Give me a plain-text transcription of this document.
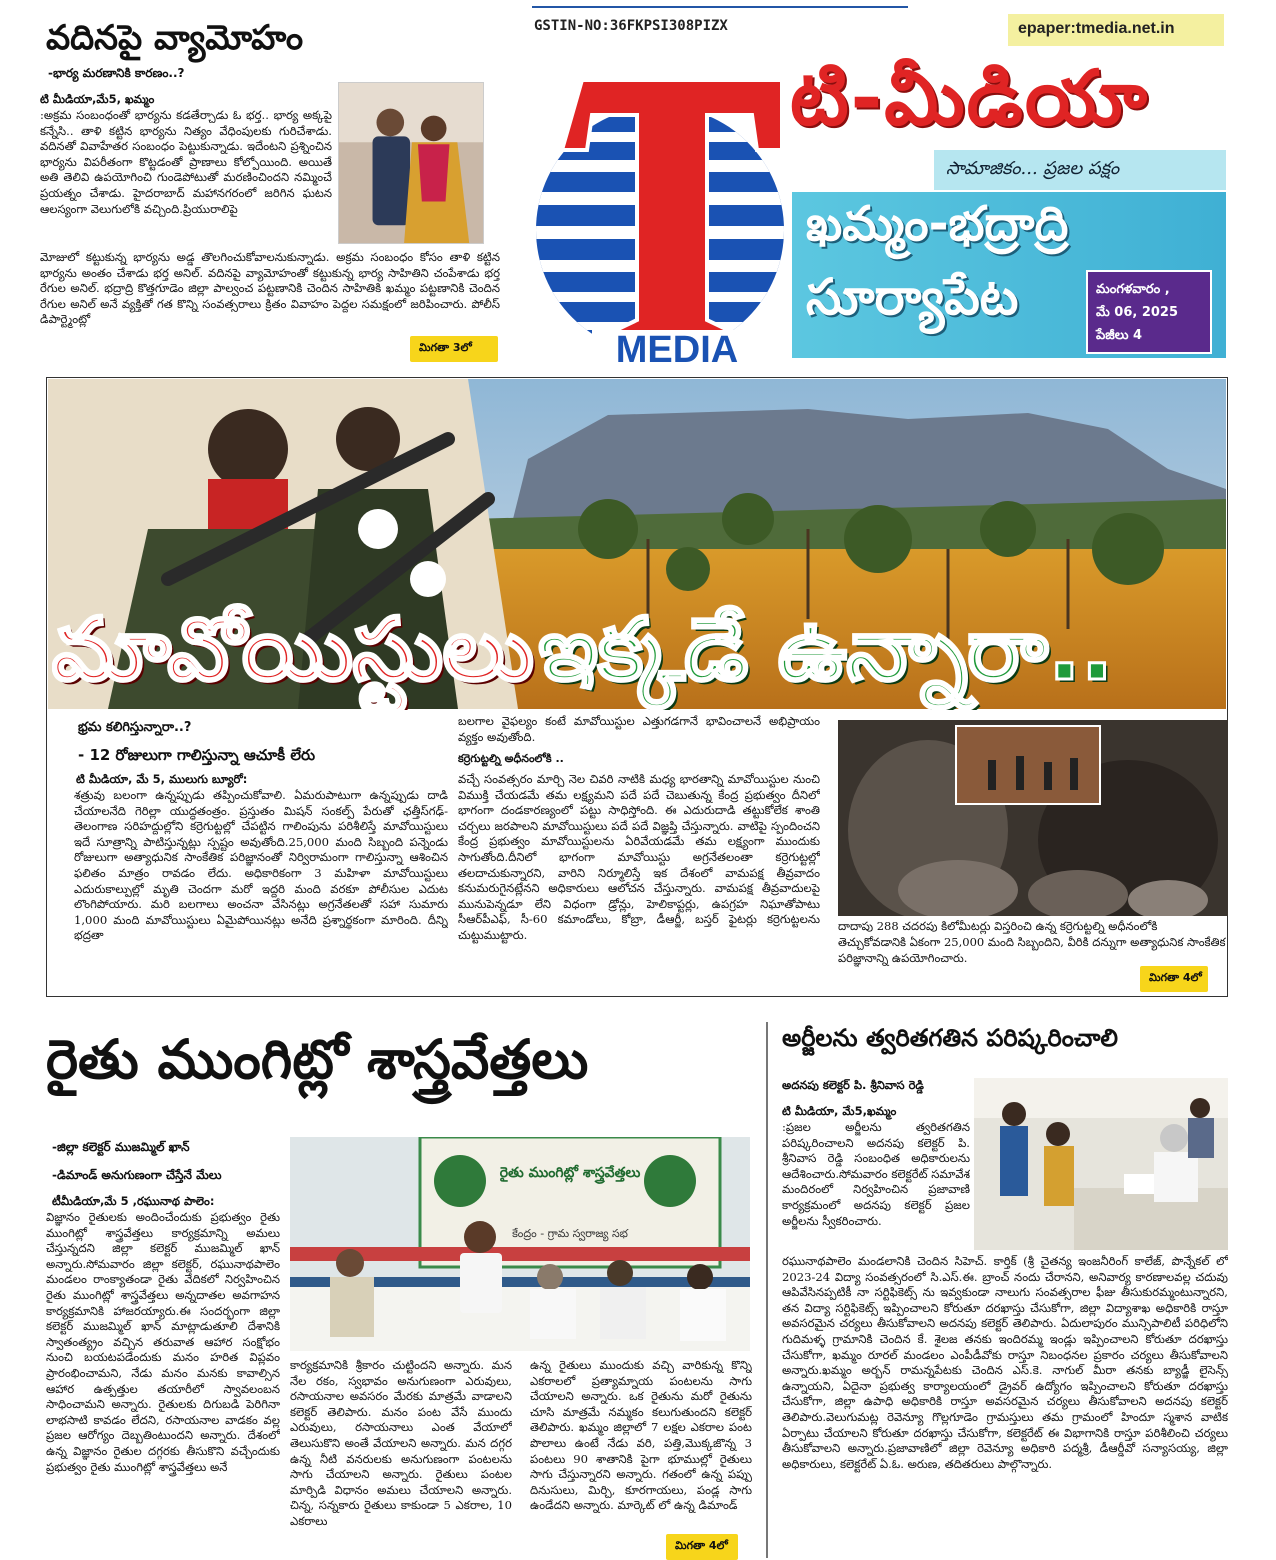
GSTIN-NO:36FKPSI308PIZX	epaper:tmedia.net.in
MEDIA
టి-మీడియా
సామాజికం... ప్రజల పక్షం
ఖమ్మం-భద్రాద్రి
సూర్యాపేట	మంగళవారం ,
మే 06, 2025
పేజీలు 4
వదినపై వ్యామోహం
-భార్య మరణానికి కారణం..?
టి మీడియా,మే5, ఖమ్మం
:అక్రమ సంబంధంతో భార్యను కడతేర్చాడు ఓ భర్త.. భార్య అక్కపై కన్నేసి.. తాళి కట్టిన భార్యను నిత్యం వేధింపులకు గురిచేశాడు. వదినతో వివాహేతర సంబంధం పెట్టుకున్నాడు. ఇదేంటని ప్రశ్నించిన భార్యను విపరీతంగా కొట్టడంతో ప్రాణాలు కోల్పోయింది. అయితే అతి తెలివి ఉపయోగించి గుండెపోటుతో మరణించిందని నమ్మించే ప్రయత్నం చేశాడు. హైదరాబాద్ మహానగరంలో జరిగిన ఘటన ఆలస్యంగా వెలుగులోకి వచ్చింది.ప్రియురాలిపై
మోజులో కట్టుకున్న భార్యను అడ్డ తొలగించుకోవాలనుకున్నాడు. అక్రమ సంబంధం కోసం తాళి కట్టిన భార్యను అంతం చేశాడు భర్త అనిల్. వదినపై వ్యామోహంతో కట్టుకున్న భార్య సాహితిని చంపేశాడు భర్త రేగుల అనిల్. భద్రాద్రి కొత్తగూడెం జిల్లా పాల్వంచ పట్టణానికి చెందిన సాహితికి ఖమ్మం పట్టణానికి చెందిన రేగుల అనిల్ అనే వ్యక్తితో గత కొన్ని సంవత్సరాలు క్రితం వివాహం పెద్దల సమక్షంలో జరిపించారు. పోలీస్ డిపార్ట్మెంట్లో
మిగతా 3లో
మావోయిస్టులు ఇక్కడే ఉన్నారా..
భ్రమ కలిగిస్తున్నారా..?
- 12 రోజులుగా గాలిస్తున్నా ఆచూకీ లేరు
టి మీడియా, మే 5, ములుగు బ్యూరో:
శత్రువు బలంగా ఉన్నప్పుడు తప్పించుకోవాలి. ఏమరుపాటుగా ఉన్నప్పుడు దాడి చేయాలనేది గెరిల్లా యుద్ధతంత్రం. ప్రస్తుతం మిషన్ సంకల్ప్ పేరుతో ఛత్తీస్‌గఢ్-తెలంగాణ సరిహద్దుల్లోని కర్రెగుట్టల్లో చేపట్టిన గాలింపును పరిశీలిస్తే మావోయిస్టులు ఇదే సూత్రాన్ని పాటిస్తున్నట్లు స్పష్టం అవుతోంది.25,000 మంది సిబ్బంది పన్నెండు రోజులుగా అత్యాధునిక సాంకేతిక పరిజ్ఞానంతో నిర్విరామంగా గాలిస్తున్నా ఆశించిన ఫలితం మాత్రం రావడం లేదు. అధికారికంగా 3 మహిళా మావోయిస్టులు ఎదురుకాల్పుల్లో మృతి చెందగా మరో ఇద్దరి మంది వరకూ పోలీసుల ఎదుట లొంగిపోయారు. మరి బలగాలు అంచనా వేసినట్లు అగ్రనేతలతో సహా సుమారు 1,000 మంది మావోయిస్టులు ఏమైపోయినట్లు అనేది ప్రశ్నార్థకంగా మారింది. దీన్ని భద్రతా
బలగాల వైఫల్యం కంటే మావోయిస్టుల ఎత్తుగడగానే భావించాలనే అభిప్రాయం వ్యక్తం అవుతోంది.
కర్రెగుట్టల్ని అధీనంలోకి ..
వచ్చే సంవత్సరం మార్చి నెల చివరి నాటికి మధ్య భారతాన్ని మావోయిస్టుల నుంచి విముక్తి చేయడమే తమ లక్ష్యమని పదే పదే చెబుతున్న కేంద్ర ప్రభుత్వం దీనిలో భాగంగా దండకారణ్యంలో పట్టు సాధిస్తోంది. ఈ ఎదురుదాడి తట్టుకోలేక శాంతి చర్చలు జరపాలని మావోయిస్టులు పదే పదే విజ్ఞప్తి చేస్తున్నారు. వాటిపై స్పందించని కేంద్ర ప్రభుత్వం మావోయిస్టులను ఏరివేయడమే తమ లక్ష్యంగా ముందుకు సాగుతోంది.దీనిలో భాగంగా మావోయిస్టు అగ్రనేతలంతా కర్రెగుట్టల్లో తలదాచుకున్నారని, వారిని నిర్మూలిస్తే ఇక దేశంలో వామపక్ష తీవ్రవాదం కనుమరుగైనట్లేనని అధికారులు ఆలోచన చేస్తున్నారు. వామపక్ష తీవ్రవాదులపై మునుపెన్నడూ లేని విధంగా డ్రోన్లు, హెలికాప్టర్లు, ఉపగ్రహ నిఘాతోపాటు సీఆర్‌పీఎఫ్, సీ-60 కమాండోలు, కోబ్రా, డీఆర్జీ, బస్తర్ ఫైటర్లు కర్రెగుట్టలను చుట్టుముట్టారు.
దాదాపు 288 చదరపు కిలోమీటర్లు విస్తరించి ఉన్న కర్రెగుట్టల్ని అధీనంలోకి తెచ్చుకోవడానికి ఏకంగా 25,000 మంది సిబ్బందిని, వీరికి దన్నుగా అత్యాధునిక సాంకేతిక పరిజ్ఞానాన్ని ఉపయోగించారు.
మిగతా 4లో
రైతు ముంగిట్లో శాస్త్రవేత్తలు
-జిల్లా కలెక్టర్ ముజమ్మిల్ ఖాన్
-డిమాండ్ అనుగుణంగా చేస్తేనే మేలు
టీమీడియా,మే 5 ,రఘునాథ పాలెం:
విజ్ఞానం రైతులకు అందించేందుకు ప్రభుత్వం రైతు ముంగిట్లో శాస్త్రవేత్తలు కార్యక్రమాన్ని అమలు చేస్తున్నదని జిల్లా కలెక్టర్ ముజమ్మిల్ ఖాన్ అన్నారు.సోమవారం జిల్లా కలెక్టర్, రఘునాథపాలెం మండలం రాంక్యాతండా రైతు వేదికలో నిర్వహించిన రైతు ముంగిట్లో శాస్త్రవేత్తలు అన్నదాతల అవగాహన కార్యక్రమానికి హాజరయ్యారు.ఈ సందర్భంగా జిల్లా కలెక్టర్ ముజమ్మిల్ ఖాన్ మాట్లాడుతూలి దేశానికి స్వాతంత్య్రం వచ్చిన తరువాత ఆహార సంక్షోభం నుంచి బయటపడేందుకు మనం హరిత విప్లవం ప్రారంభించామని, నేడు మనం మనకు కావాల్సిన ఆహార ఉత్పత్తుల తయారీలో స్వావలంబన సాధించామని అన్నారు. రైతులకు దిగుబడి పెరిగినా లాభసాటి కావడం లేదని, రసాయనాల వాడకం వల్ల ప్రజల ఆరోగ్యం దెబ్బతింటుందని అన్నారు. దేశంలో ఉన్న విజ్ఞానం రైతుల దగ్గరకు తీసుకొని వచ్చేందుకు ప్రభుత్వం రైతు ముంగిట్లో శాస్త్రవేత్తలు అనే
రైతు ముంగిట్లో శాస్త్రవేత్తలు
కేంద్రం - గ్రామ స్వరాజ్య సభ
కార్యక్రమానికి శ్రీకారం చుట్టిందని అన్నారు. మన నేల రకం, స్వభావం అనుగుణంగా ఎరువులు, రసాయనాల అవసరం మేరకు మాత్రమే వాడాలని కలెక్టర్ తెలిపారు. మనం పంట వేసే ముందు ఎరువులు, రసాయనాలు ఎంత వేయాలో తెలుసుకొని అంతే వేయాలని అన్నారు. మన దగ్గర ఉన్న నీటి వనరులకు అనుగుణంగా పంటలను సాగు చేయాలని అన్నారు. రైతులు పంటల మార్పిడి విధానం అమలు చేయాలని అన్నారు. చిన్న, సన్నకారు రైతులు కాకుండా 5 ఎకరాల, 10 ఎకరాలు
ఉన్న రైతులు ముందుకు వచ్చి వారికున్న కొన్ని ఎకరాలలో ప్రత్యామ్నాయ పంటలను సాగు చేయాలని అన్నారు. ఒక రైతును మరో రైతును చూసి మాత్రమే నమ్మకం కలుగుతుందని కలెక్టర్ తెలిపారు. ఖమ్మం జిల్లాలో 7 లక్షల ఎకరాల పంట పొలాలు ఉంటే నేడు వరి, పత్తి,మొక్కజొన్న 3 పంటలు 90 శాతానికి పైగా భూముల్లో రైతులు సాగు చేస్తున్నారని అన్నారు. గతంలో ఉన్న పప్పు దినుసులు, మిర్చి, కూరగాయలు, పండ్ల సాగు ఉండేదని అన్నారు. మార్కెట్ లో ఉన్న డిమాండ్
మిగతా 4లో
అర్జీలను త్వరితగతిన పరిష్కరించాలి
అదనపు కలెక్టర్ పి. శ్రీనివాస రెడ్డి
టి మీడియా, మే5,ఖమ్మం
:ప్రజల అర్జీలను త్వరితగతిన పరిష్కరించాలని అదనపు కలెక్టర్ పి. శ్రీనివాస రెడ్డి సంబంధిత అధికారులను ఆదేశించారు.సోమవారం కలెక్టరేట్ సమావేశ మందిరంలో నిర్వహించిన ప్రజావాణి కార్యక్రమంలో అదనపు కలెక్టర్ ప్రజల అర్జీలను స్వీకరించారు.
రఘునాథపాలెం మండలానికి చెందిన సిహెచ్. కార్తిక్ (శ్రీ చైతన్య ఇంజనీరింగ్ కాలేజ్, పొన్నేకల్ లో 2023-24 విద్యా సంవత్సరంలో సి.ఎస్.ఈ. బ్రాంచ్ నందు చేరానని, అనివార్య కారణాలవల్ల చదువు ఆపివేసినప్పటికీ నా సర్టిఫికెట్స్ ను ఇవ్వకుండా నాలుగు సంవత్సరాల ఫీజు తీసుకురమ్మంటున్నారని, తన విద్యా సర్టిఫికెట్స్ ఇప్పించాలని కోరుతూ దరఖాస్తు చేసుకోగా, జిల్లా విద్యాశాఖ అధికారికి రాస్తూ అవసరమైన చర్యలు తీసుకోవాలని అదనపు కలెక్టర్ తెలిపారు. ఏదులాపురం మున్సిపాలిటీ పరిధిలోని గుదిమళ్ళ గ్రామానికి చెందిన కే. శైలజ తనకు ఇందిరమ్మ ఇండ్లు ఇప్పించాలని కోరుతూ దరఖాస్తు చేసుకోగా, ఖమ్మం రూరల్ మండలం ఎంపీడీవోకు రాస్తూ నిబంధనల ప్రకారం చర్యలు తీసుకోవాలని అన్నారు.ఖమ్మం అర్బన్ రామన్నపేటకు చెందిన ఎస్.కె. నాగుల్ మీరా తనకు బ్యాడ్జీ లైసెన్స్ ఉన్నాయని, ఏదైనా ప్రభుత్వ కార్యాలయంలో డ్రైవర్ ఉద్యోగం ఇప్పించాలని కోరుతూ దరఖాస్తు చేసుకోగా, జిల్లా ఉపాధి అధికారికి రాస్తూ అవసరమైన చర్యలు తీసుకోవాలని అదనపు కలెక్టర్ తెలిపారు.వెలుగుమట్ల రెవెన్యూ గొల్లగూడెం గ్రామస్తులు తమ గ్రామంలో హిందూ స్మశాన వాటిక ఏర్పాటు చేయాలని కోరుతూ దరఖాస్తు చేసుకోగా, కలెక్టరేట్ ఈ విభాగానికి రాస్తూ పరిశీలించి చర్యలు తీసుకోవాలని అన్నారు.ప్రజావాణిలో జిల్లా రెవెన్యూ అధికారి పద్మశ్రీ, డీఆర్డీవో సన్యాసయ్య, జిల్లా అధికారులు, కలెక్టరేట్ ఏ.ఓ. అరుణ, తదితరులు పాల్గొన్నారు.
